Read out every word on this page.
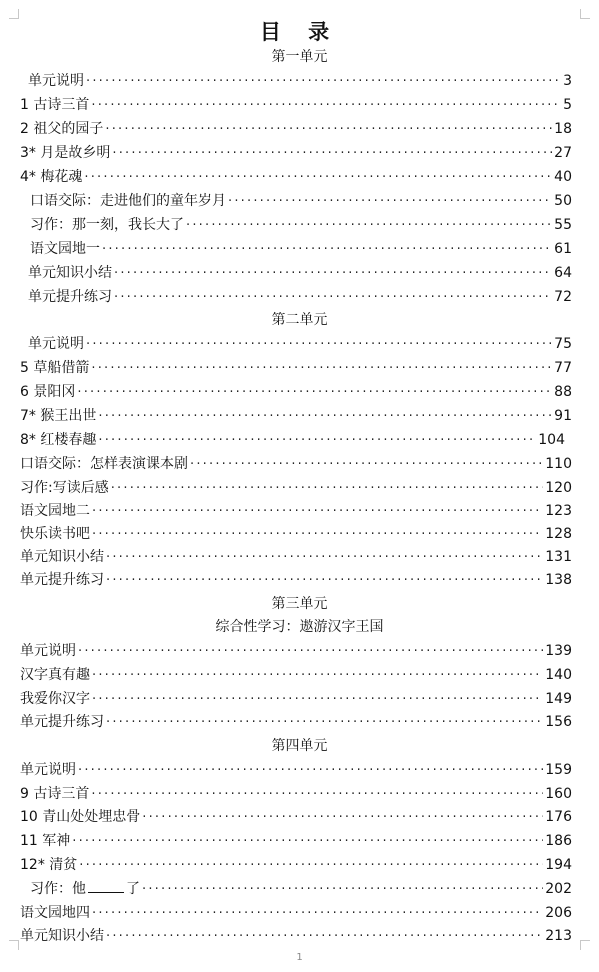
目 录
第一单元
单元说明 ·····	3
1 古诗三首 ·····	5
2 祖父的园子 ·····	18
3* 月是故乡明 ·····	27
4* 梅花魂 ·····	40
口语交际：走进他们的童年岁月 ·····	50
习作：那一刻，我长大了 ·····	55
语文园地一 ·····	61
单元知识小结 ·····	64
单元提升练习 ·····	72
第二单元
单元说明 ·····	75
5 草船借箭 ·····	77
6 景阳冈 ·····	88
7* 猴王出世 ·····	91
8* 红楼春趣 ·····	104
口语交际：怎样表演课本剧 ·····	110
习作:写读后感 ·····	120
语文园地二 ·····	123
快乐读书吧 ·····	128
单元知识小结 ·····	131
单元提升练习 ·····	138
第三单元
综合性学习：遨游汉字王国
单元说明 ·····	139
汉字真有趣 ·····	140
我爱你汉字 ·····	149
单元提升练习 ·····	156
第四单元
单元说明 ·····	159
9 古诗三首 ·····	160
10 青山处处埋忠骨 ·····	176
11 军神 ·····	186
12* 清贫 ·····	194
习作：他	了 ·····	202
语文园地四 ·····	206
单元知识小结 ·····	213
1
